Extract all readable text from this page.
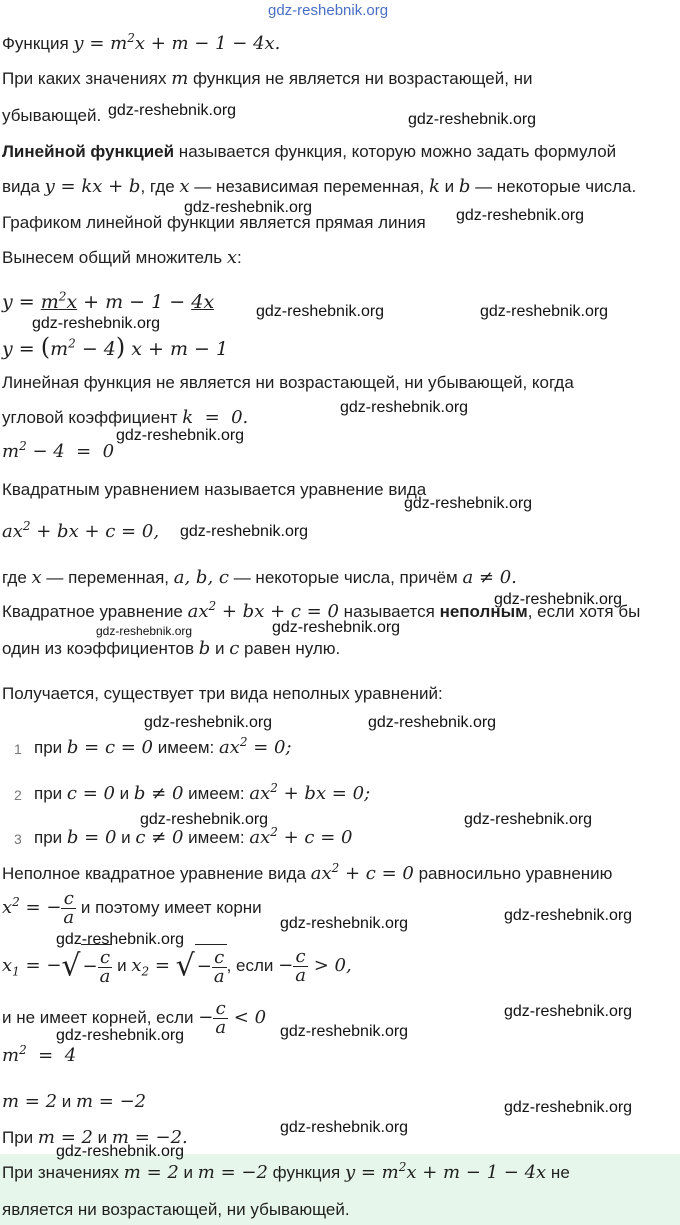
gdz-reshebnik.org
Функция $y = m^2x + m - 1 - 4x$.
При каких значениях m функция не является ни возрастающей, ни
убывающей. gdz-reshebnik.org
gdz-reshebnik.org
Линейной функцией называется функция, которую можно задать формулой
вида y = kx + b, где x — независимая переменная, k и b — некоторые числа.
Графиком линейной функции является прямая линия
gdz-reshebnik.org	gdz-reshebnik.org
Вынесем общий множитель x:
$y = m^2x + m - 1 - 4x$	gdz-reshebnik.org	gdz-reshebnik.org
gdz-reshebnik.org
$y = (m^2 - 4) x + m - 1$
Линейная функция не является ни возрастающей, ни убывающей, когда
угловой коэффициент k  =  0.	gdz-reshebnik.org
gdz-reshebnik.org
$m^2 - 4 = 0$
Квадратным уравнением называется уравнение вида
gdz-reshebnik.org
$ax^2$ + bx + c = 0, gdz-reshebnik.org
где x — переменная, a, b, c — некоторые числа, причём a ≠ 0.
Квадратное уравнение $ax^2$ + bx + c = 0 называется неполным, если хотя бы
gdz-reshebnik.org
gdz-reshebnik.org	gdz-reshebnik.org
один из коэффициентов b и c равен нулю.
Получается, существует три вида неполных уравнений:
gdz-reshebnik.org	gdz-reshebnik.org
1 при b = c = 0 имеем: $ax^2 = 0$;
2 при c = 0 и b ≠ 0 имеем: $ax^2$ + bx = 0;
gdz-reshebnik.org	gdz-reshebnik.org
3 при b = 0 и c ≠ 0 имеем: $ax^2 + c = 0$
Неполное квадратное уравнение вида $ax^2 + c = 0$ равносильно уравнению
$x^2$ = − $\frac{c}{a}$ и поэтому имеет корни	gdz-reshebnik.org
gdz-reshebnik.org
gdz-reshebnik.org
$x_1$ = −√ − $\frac{c}{a}$ и $x_2$ = √ − $\frac{c}{a}$ , если − $\frac{c}{a} > 0$,
и не имеет корней, если − $\frac{c}{a} < 0$	gdz-reshebnik.org
gdz-reshebnik.org	gdz-reshebnik.org
$m^2 = 4$
m = 2 и m = −2	gdz-reshebnik.org
При m = 2 и m = −2.	gdz-reshebnik.org
gdz-reshebnik.org
При значениях m = 2 и m = −2 функция $y = m^2x + m - 1 - 4x$ не
является ни возрастающей, ни убывающей.
